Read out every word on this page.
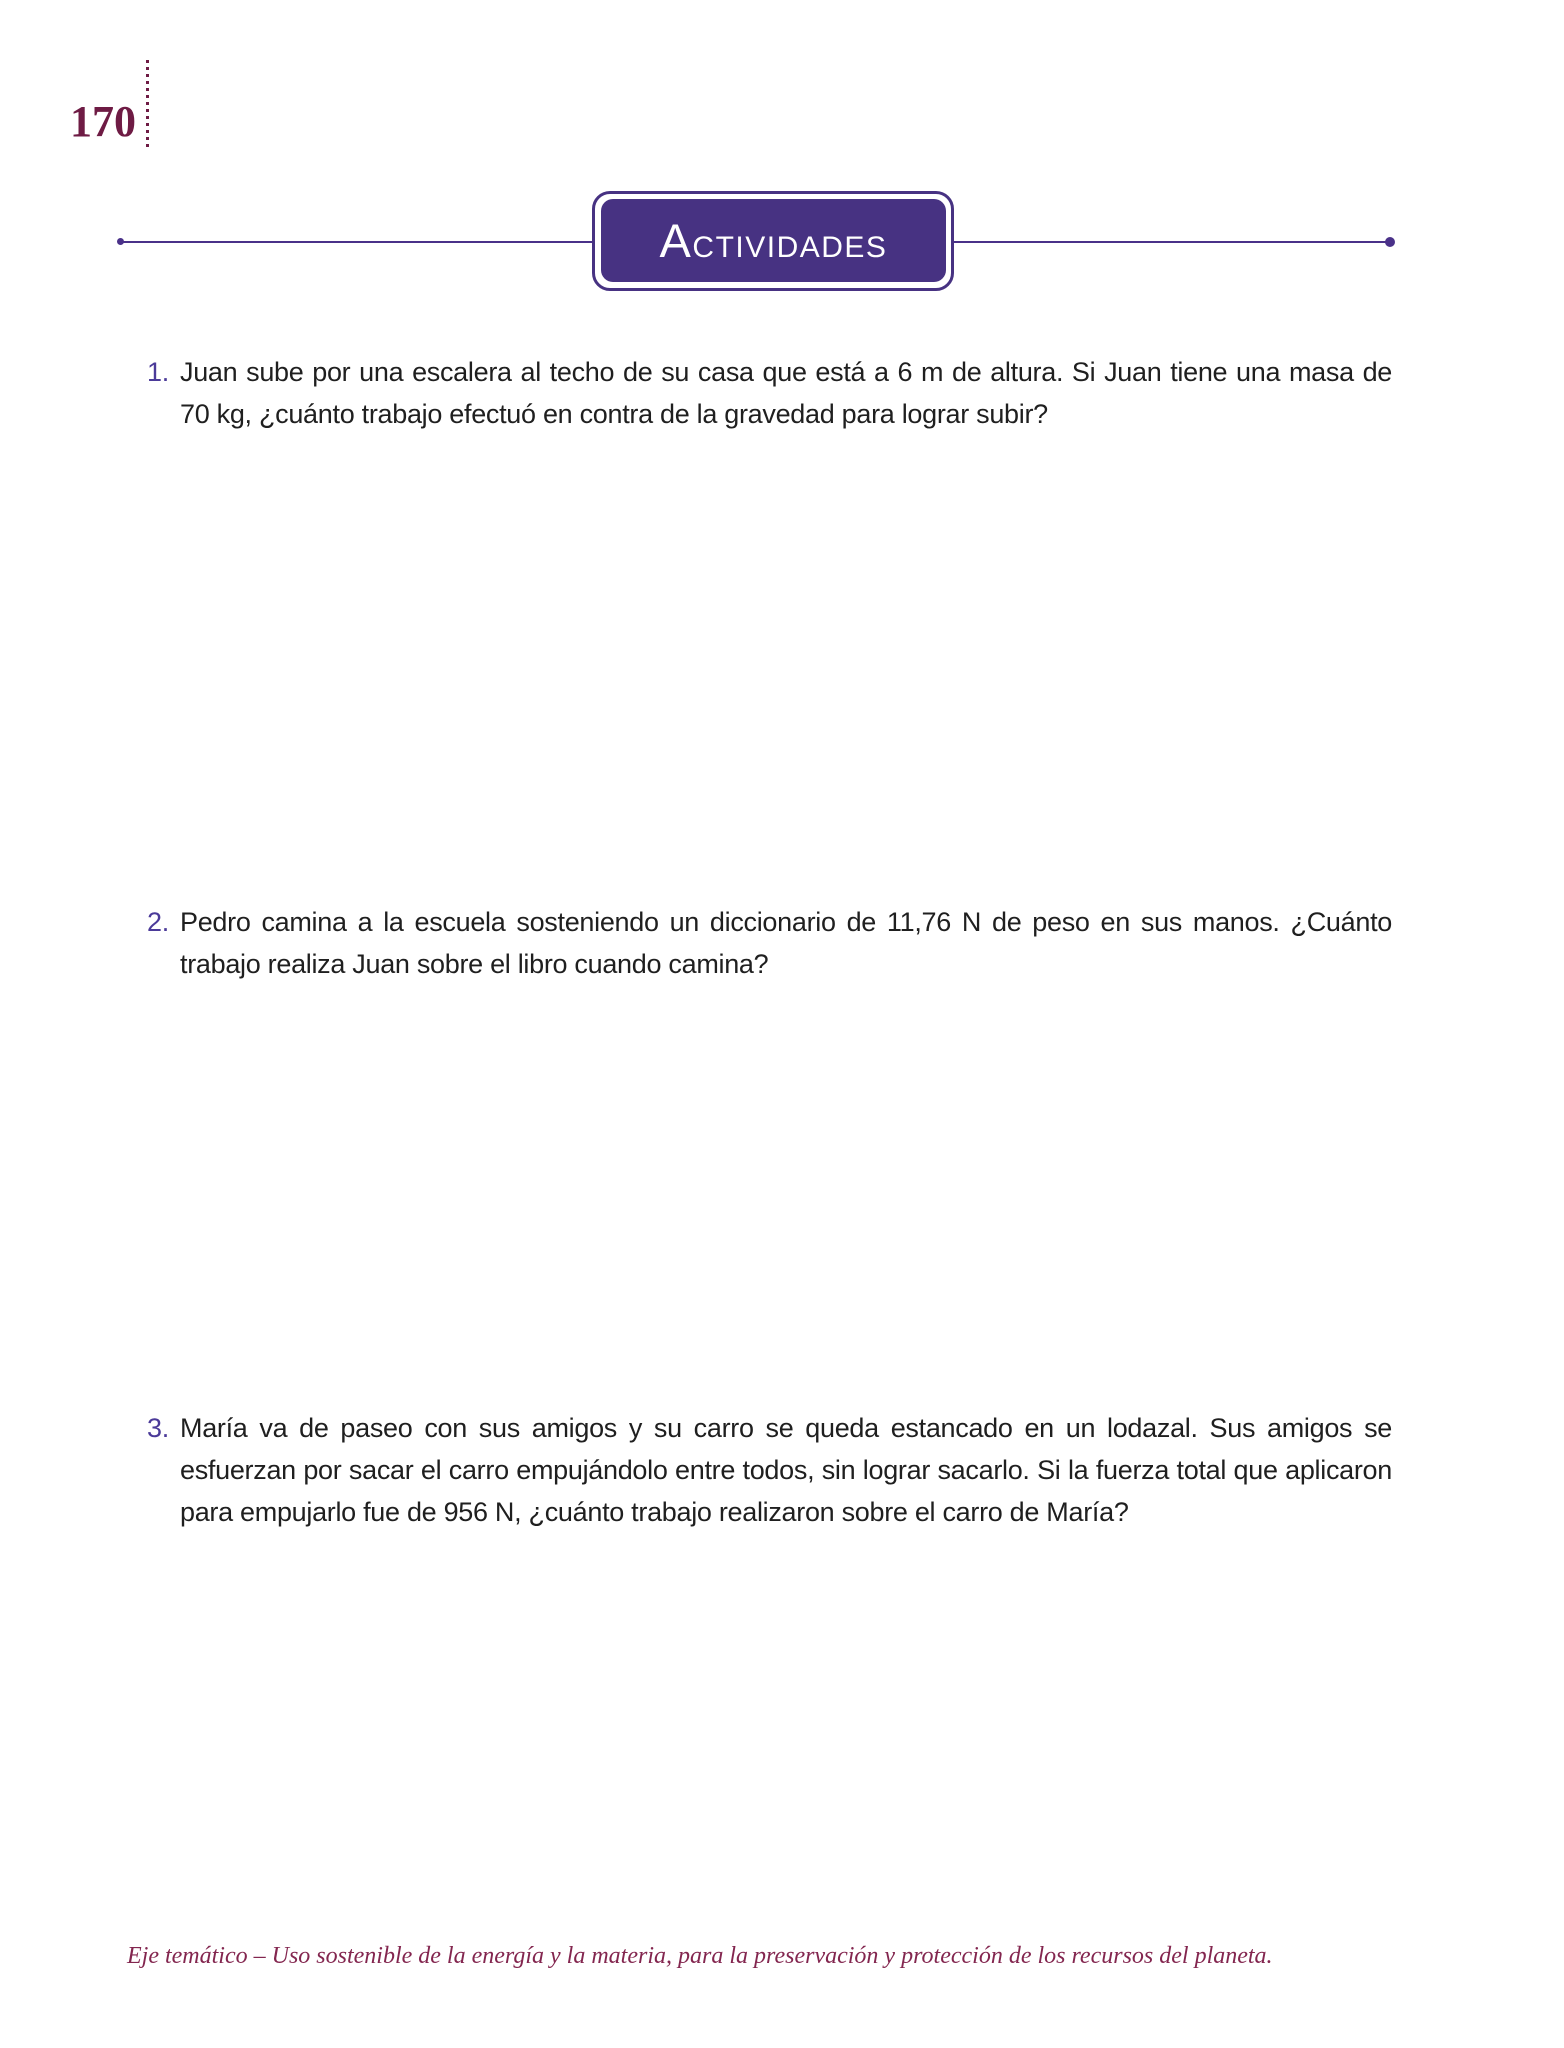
170
ACTIVIDADES
1. Juan sube por una escalera al techo de su casa que está a 6 m de altura. Si Juan tiene una masa de 70 kg, ¿cuánto trabajo efectuó en contra de la gravedad para lograr subir?

2. Pedro camina a la escuela sosteniendo un diccionario de 11,76 N de peso en sus manos. ¿Cuánto trabajo realiza Juan sobre el libro cuando camina?

3. María va de paseo con sus amigos y su carro se queda estancado en un lodazal. Sus amigos se esfuerzan por sacar el carro empujándolo entre todos, sin lograr sacarlo. Si la fuerza total que aplicaron para empujarlo fue de 956 N, ¿cuánto trabajo realizaron sobre el carro de María?

Eje temático – Uso sostenible de la energía y la materia, para la preservación y protección de los recursos del planeta.
